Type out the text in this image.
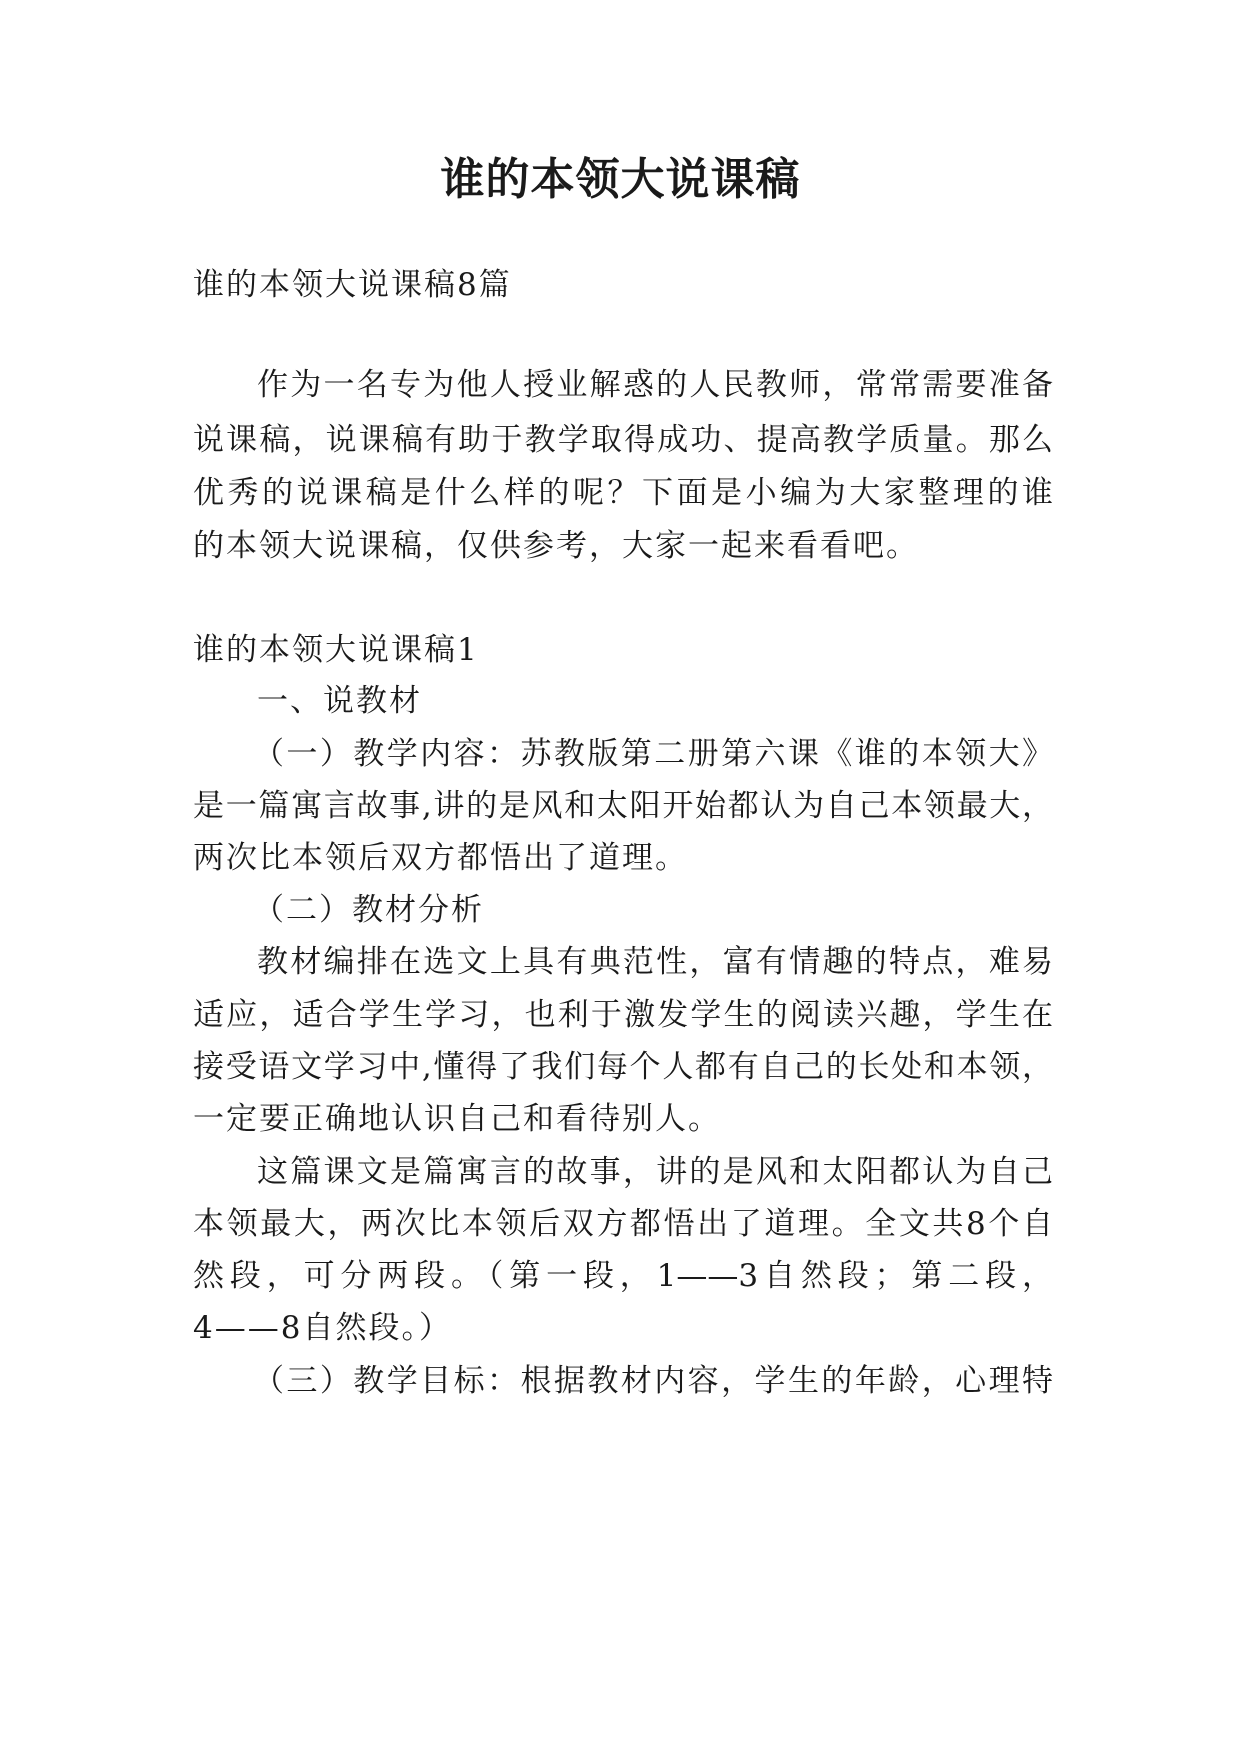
谁的本领大说课稿
谁的本领大说课稿8篇
作为一名专为他人授业解惑的人民教师，常常需要准备
说课稿，说课稿有助于教学取得成功、提高教学质量。那么
优秀的说课稿是什么样的呢？下面是小编为大家整理的谁
的本领大说课稿，仅供参考，大家一起来看看吧。
谁的本领大说课稿1
一、说教材
（一）教学内容：苏教版第二册第六课《谁的本领大》
是一篇寓言故事,讲的是风和太阳开始都认为自己本领最大，
两次比本领后双方都悟出了道理。
（二）教材分析
教材编排在选文上具有典范性，富有情趣的特点，难易
适应，适合学生学习，也利于激发学生的阅读兴趣，学生在
接受语文学习中,懂得了我们每个人都有自己的长处和本领，
一定要正确地认识自己和看待别人。
这篇课文是篇寓言的故事，讲的是风和太阳都认为自己
本领最大，两次比本领后双方都悟出了道理。全文共8个自
然段，可分两段。（第一段，1——3自然段；第二段，
4——8自然段。）
（三）教学目标：根据教材内容，学生的年龄，心理特
